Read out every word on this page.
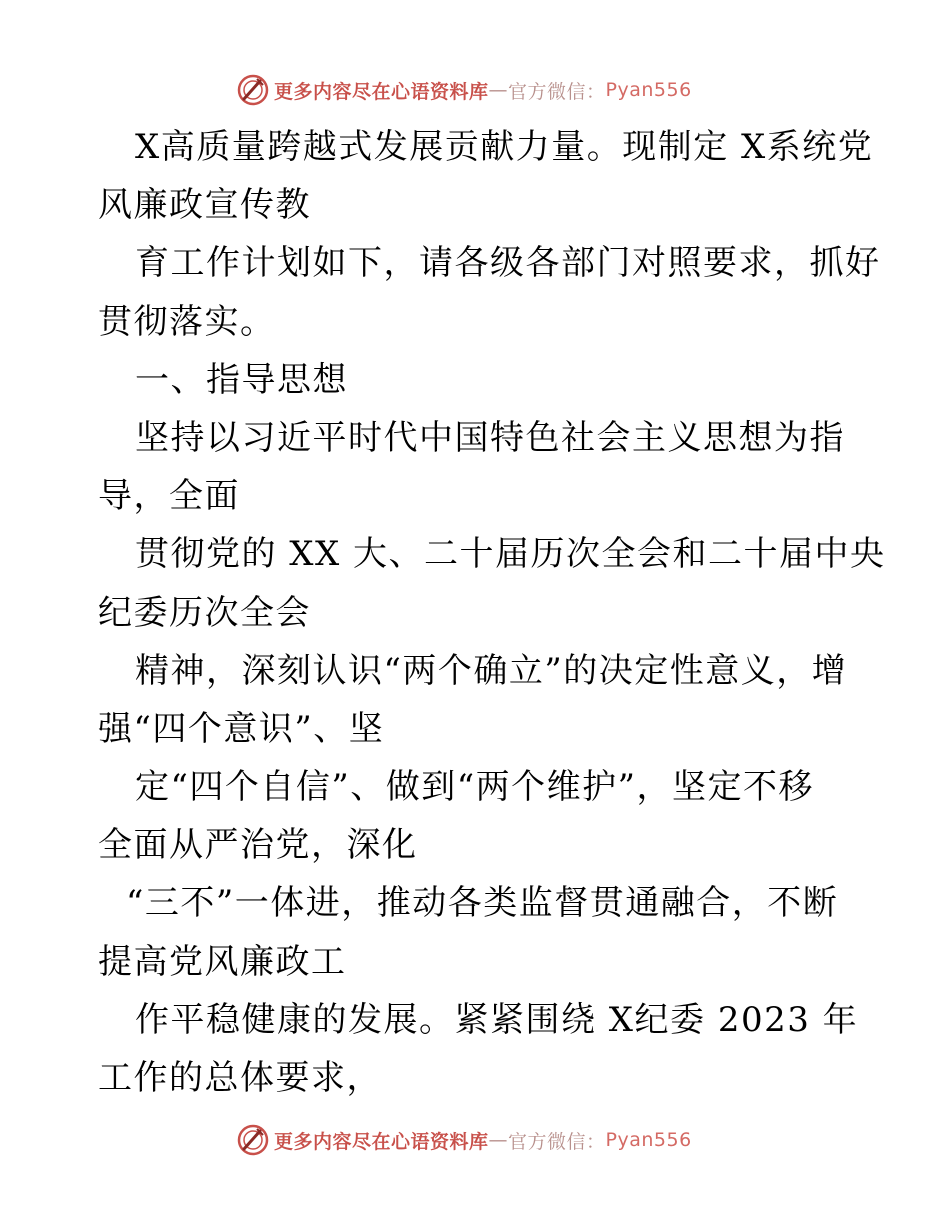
更多内容尽在心语资料库 — 官方微信： Pyan556
X高质量跨越式发展贡献力量。现制定 X系统党
风廉政宣传教
育工作计划如下，请各级各部门对照要求，抓好
贯彻落实。
一、指导思想
坚持以习近平时代中国特色社会主义思想为指
导，全面
贯彻党的 XX 大、二十届历次全会和二十届中央
纪委历次全会
精神，深刻认识“两个确立”的决定性意义，增
强“四个意识”、坚
定“四个自信”、做到“两个维护”，坚定不移
全面从严治党，深化
“三不”一体进，推动各类监督贯通融合，不断
提高党风廉政工
作平稳健康的发展。紧紧围绕 X纪委 2023 年
工作的总体要求，
更多内容尽在心语资料库 — 官方微信： Pyan556
